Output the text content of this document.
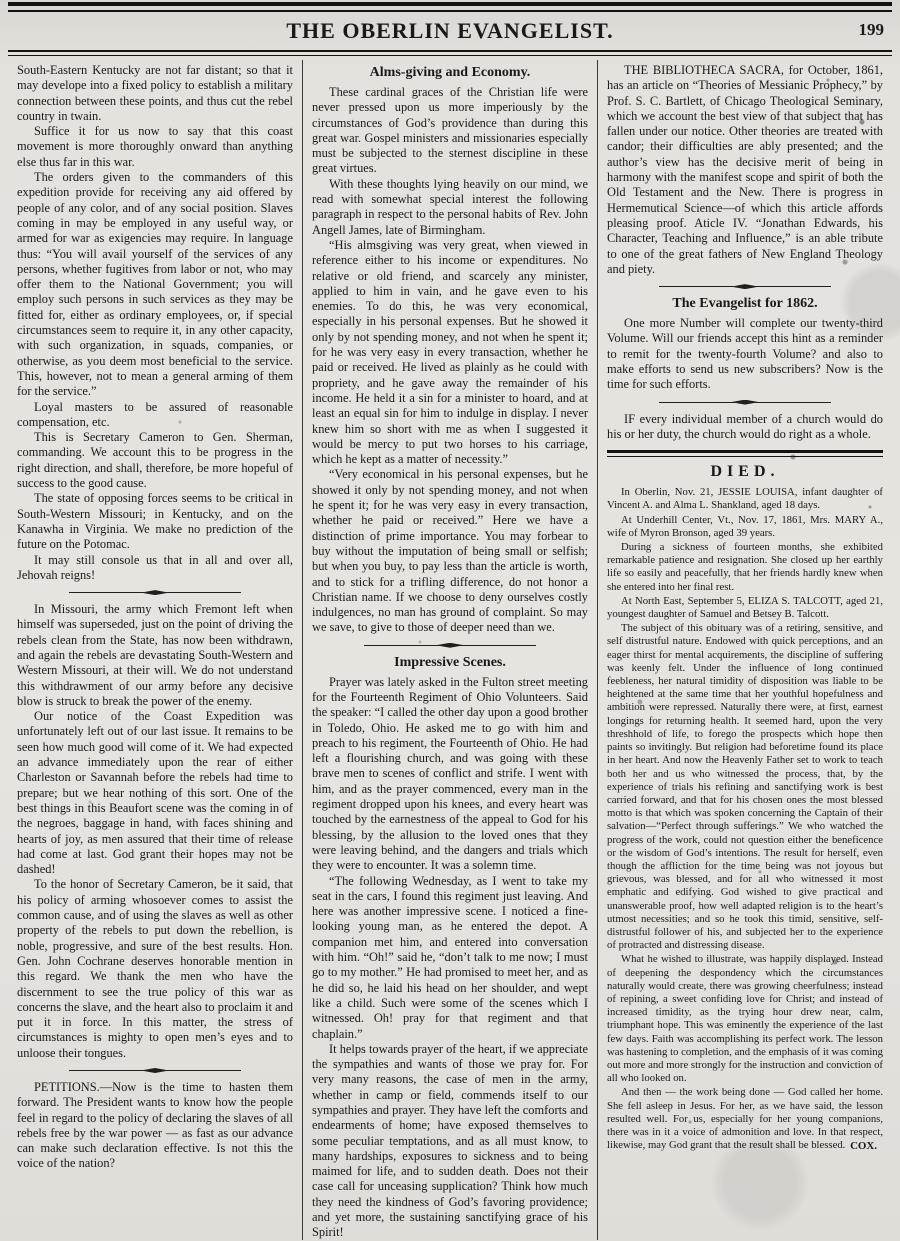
THE OBERLIN EVANGELIST.	199

South-Eastern Kentucky are not far distant; so that it may develope into a fixed policy to establish a military connection between these points, and thus cut the rebel country in twain.

Suffice it for us now to say that this coast movement is more thoroughly onward than anything else thus far in this war.

The orders given to the commanders of this expedition provide for receiving any aid offered by people of any color, and of any social position. Slaves coming in may be employed in any useful way, or armed for war as exigencies may require. In language thus: “You will avail yourself of the services of any persons, whether fugitives from labor or not, who may offer them to the National Government; you will employ such persons in such services as they may be fitted for, either as ordinary employees, or, if special circumstances seem to require it, in any other capacity, with such organization, in squads, companies, or otherwise, as you deem most beneficial to the service. This, however, not to mean a general arming of them for the service.”

Loyal masters to be assured of reasonable compensation, etc.

This is Secretary Cameron to Gen. Sherman, commanding. We account this to be progress in the right direction, and shall, therefore, be more hopeful of success to the good cause.

The state of opposing forces seems to be critical in South-Western Missouri; in Kentucky, and on the Kanawha in Virginia. We make no prediction of the future on the Potomac.

It may still console us that in all and over all, Jehovah reigns!

In Missouri, the army which Fremont left when himself was superseded, just on the point of driving the rebels clean from the State, has now been withdrawn, and again the rebels are devastating South-Western and Western Missouri, at their will. We do not understand this withdrawment of our army before any decisive blow is struck to break the power of the enemy.

Our notice of the Coast Expedition was unfortunately left out of our last issue. It remains to be seen how much good will come of it. We had expected an advance immediately upon the rear of either Charleston or Savannah before the rebels had time to prepare; but we hear nothing of this sort. One of the best things in this Beaufort scene was the coming in of the negroes, baggage in hand, with faces shining and hearts of joy, as men assured that their time of release had come at last. God grant their hopes may not be dashed!

To the honor of Secretary Cameron, be it said, that his policy of arming whosoever comes to assist the common cause, and of using the slaves as well as other property of the rebels to put down the rebellion, is noble, progressive, and sure of the best results. Hon. Gen. John Cochrane deserves honorable mention in this regard. We thank the men who have the discernment to see the true policy of this war as concerns the slave, and the heart also to proclaim it and put it in force. In this matter, the stress of circumstances is mighty to open men’s eyes and to unloose their tongues.

PETITIONS.—Now is the time to hasten them forward. The President wants to know how the people feel in regard to the policy of declaring the slaves of all rebels free by the war power — as fast as our advance can make such declaration effective. Is not this the voice of the nation?

Alms-giving and Economy.

These cardinal graces of the Christian life were never pressed upon us more imperiously by the circumstances of God’s providence than during this great war. Gospel ministers and missionaries especially must be subjected to the sternest discipline in these great virtues.

With these thoughts lying heavily on our mind, we read with somewhat special interest the following paragraph in respect to the personal habits of Rev. John Angell James, late of Birmingham.

“His almsgiving was very great, when viewed in reference either to his income or expenditures. No relative or old friend, and scarcely any minister, applied to him in vain, and he gave even to his enemies. To do this, he was very economical, especially in his personal expenses. But he showed it only by not spending money, and not when he spent it; for he was very easy in every transaction, whether he paid or received. He lived as plainly as he could with propriety, and he gave away the remainder of his income. He held it a sin for a minister to hoard, and at least an equal sin for him to indulge in display. I never knew him so short with me as when I suggested it would be mercy to put two horses to his carriage, which he kept as a matter of necessity.”

“Very economical in his personal expenses, but he showed it only by not spending money, and not when he spent it; for he was very easy in every transaction, whether he paid or received.” Here we have a distinction of prime importance. You may forbear to buy without the imputation of being small or selfish; but when you buy, to pay less than the article is worth, and to stick for a trifling difference, do not honor a Christian name. If we choose to deny ourselves costly indulgences, no man has ground of complaint. So may we save, to give to those of deeper need than we.

Impressive Scenes.

Prayer was lately asked in the Fulton street meeting for the Fourteenth Regiment of Ohio Volunteers. Said the speaker: “I called the other day upon a good brother in Toledo, Ohio. He asked me to go with him and preach to his regiment, the Fourteenth of Ohio. He had left a flourishing church, and was going with these brave men to scenes of conflict and strife. I went with him, and as the prayer commenced, every man in the regiment dropped upon his knees, and every heart was touched by the earnestness of the appeal to God for his blessing, by the allusion to the loved ones that they were leaving behind, and the dangers and trials which they were to encounter. It was a solemn time.

“The following Wednesday, as I went to take my seat in the cars, I found this regiment just leaving. And here was another impressive scene. I noticed a fine-looking young man, as he entered the depot. A companion met him, and entered into conversation with him. “Oh!” said he, “don’t talk to me now; I must go to my mother.” He had promised to meet her, and as he did so, he laid his head on her shoulder, and wept like a child. Such were some of the scenes which I witnessed. Oh! pray for that regiment and that chaplain.”

It helps towards prayer of the heart, if we appreciate the sympathies and wants of those we pray for. For very many reasons, the case of men in the army, whether in camp or field, commends itself to our sympathies and prayer. They have left the comforts and endearments of home; have exposed themselves to some peculiar temptations, and as all must know, to many hardships, exposures to sickness and to being maimed for life, and to sudden death. Does not their case call for unceasing supplication? Think how much they need the kindness of God’s favoring providence; and yet more, the sustaining sanctifying grace of his Spirit!

THE BIBLIOTHECA SACRA, for October, 1861, has an article on “Theories of Messianic Prophecy,” by Prof. S. C. Bartlett, of Chicago Theological Seminary, which we account the best view of that subject that has fallen under our notice. Other theories are treated with candor; their difficulties are ably presented; and the author’s view has the decisive merit of being in harmony with the manifest scope and spirit of both the Old Testament and the New. There is progress in Hermemutical Science—of which this article affords pleasing proof. Aticle IV. “Jonathan Edwards, his Character, Teaching and Influence,” is an able tribute to one of the great fathers of New England Theology and piety.

The Evangelist for 1862.

One more Number will complete our twenty-third Volume. Will our friends accept this hint as a reminder to remit for the twenty-fourth Volume? and also to make efforts to send us new subscribers? Now is the time for such efforts.

IF every individual member of a church would do his or her duty, the church would do right as a whole.

DIED.

In Oberlin, Nov. 21, JESSIE LOUISA, infant daughter of Vincent A. and Alma L. Shankland, aged 18 days.

At Underhill Center, Vt., Nov. 17, 1861, Mrs. MARY A., wife of Myron Bronson, aged 39 years.

During a sickness of fourteen months, she exhibited remarkable patience and resignation. She closed up her earthly life so easily and peacefully, that her friends hardly knew when she entered into her final rest.

At North East, September 5, ELIZA S. TALCOTT, aged 21, youngest daughter of Samuel and Betsey B. Talcott.

The subject of this obituary was of a retiring, sensitive, and self distrustful nature. Endowed with quick perceptions, and an eager thirst for mental acquirements, the discipline of suffering was keenly felt. Under the influence of long continued feebleness, her natural timidity of disposition was liable to be heightened at the same time that her youthful hopefulness and ambition were repressed. Naturally there were, at first, earnest longings for returning health. It seemed hard, upon the very threshhold of life, to forego the prospects which hope then paints so invitingly. But religion had beforetime found its place in her heart. And now the Heavenly Father set to work to teach both her and us who witnessed the process, that, by the experience of trials his refining and sanctifying work is best carried forward, and that for his chosen ones the most blessed motto is that which was spoken concerning the Captain of their salvation—“Perfect through sufferings.” We who watched the progress of the work, could not question either the beneficence or the wisdom of God’s intentions. The result for herself, even though the affliction for the time being was not joyous but grievous, was blessed, and for all who witnessed it most emphatic and edifying. God wished to give practical and unanswerable proof, how well adapted religion is to the heart’s utmost necessities; and so he took this timid, sensitive, self-distrustful follower of his, and subjected her to the experience of protracted and distressing disease.

What he wished to illustrate, was happily displayed. Instead of deepening the despondency which the circumstances naturally would create, there was growing cheerfulness; instead of repining, a sweet confiding love for Christ; and instead of increased timidity, as the trying hour drew near, calm, triumphant hope. This was eminently the experience of the last few days. Faith was accomplishing its perfect work. The lesson was hastening to completion, and the emphasis of it was coming out more and more strongly for the instruction and conviction of all who looked on.

And then — the work being done — God called her home. She fell asleep in Jesus. For her, as we have said, the lesson resulted well. For us, especially for her young companions, there was in it a voice of admonition and love. In that respect, likewise, may God grant that the result shall be blessed. COX.
